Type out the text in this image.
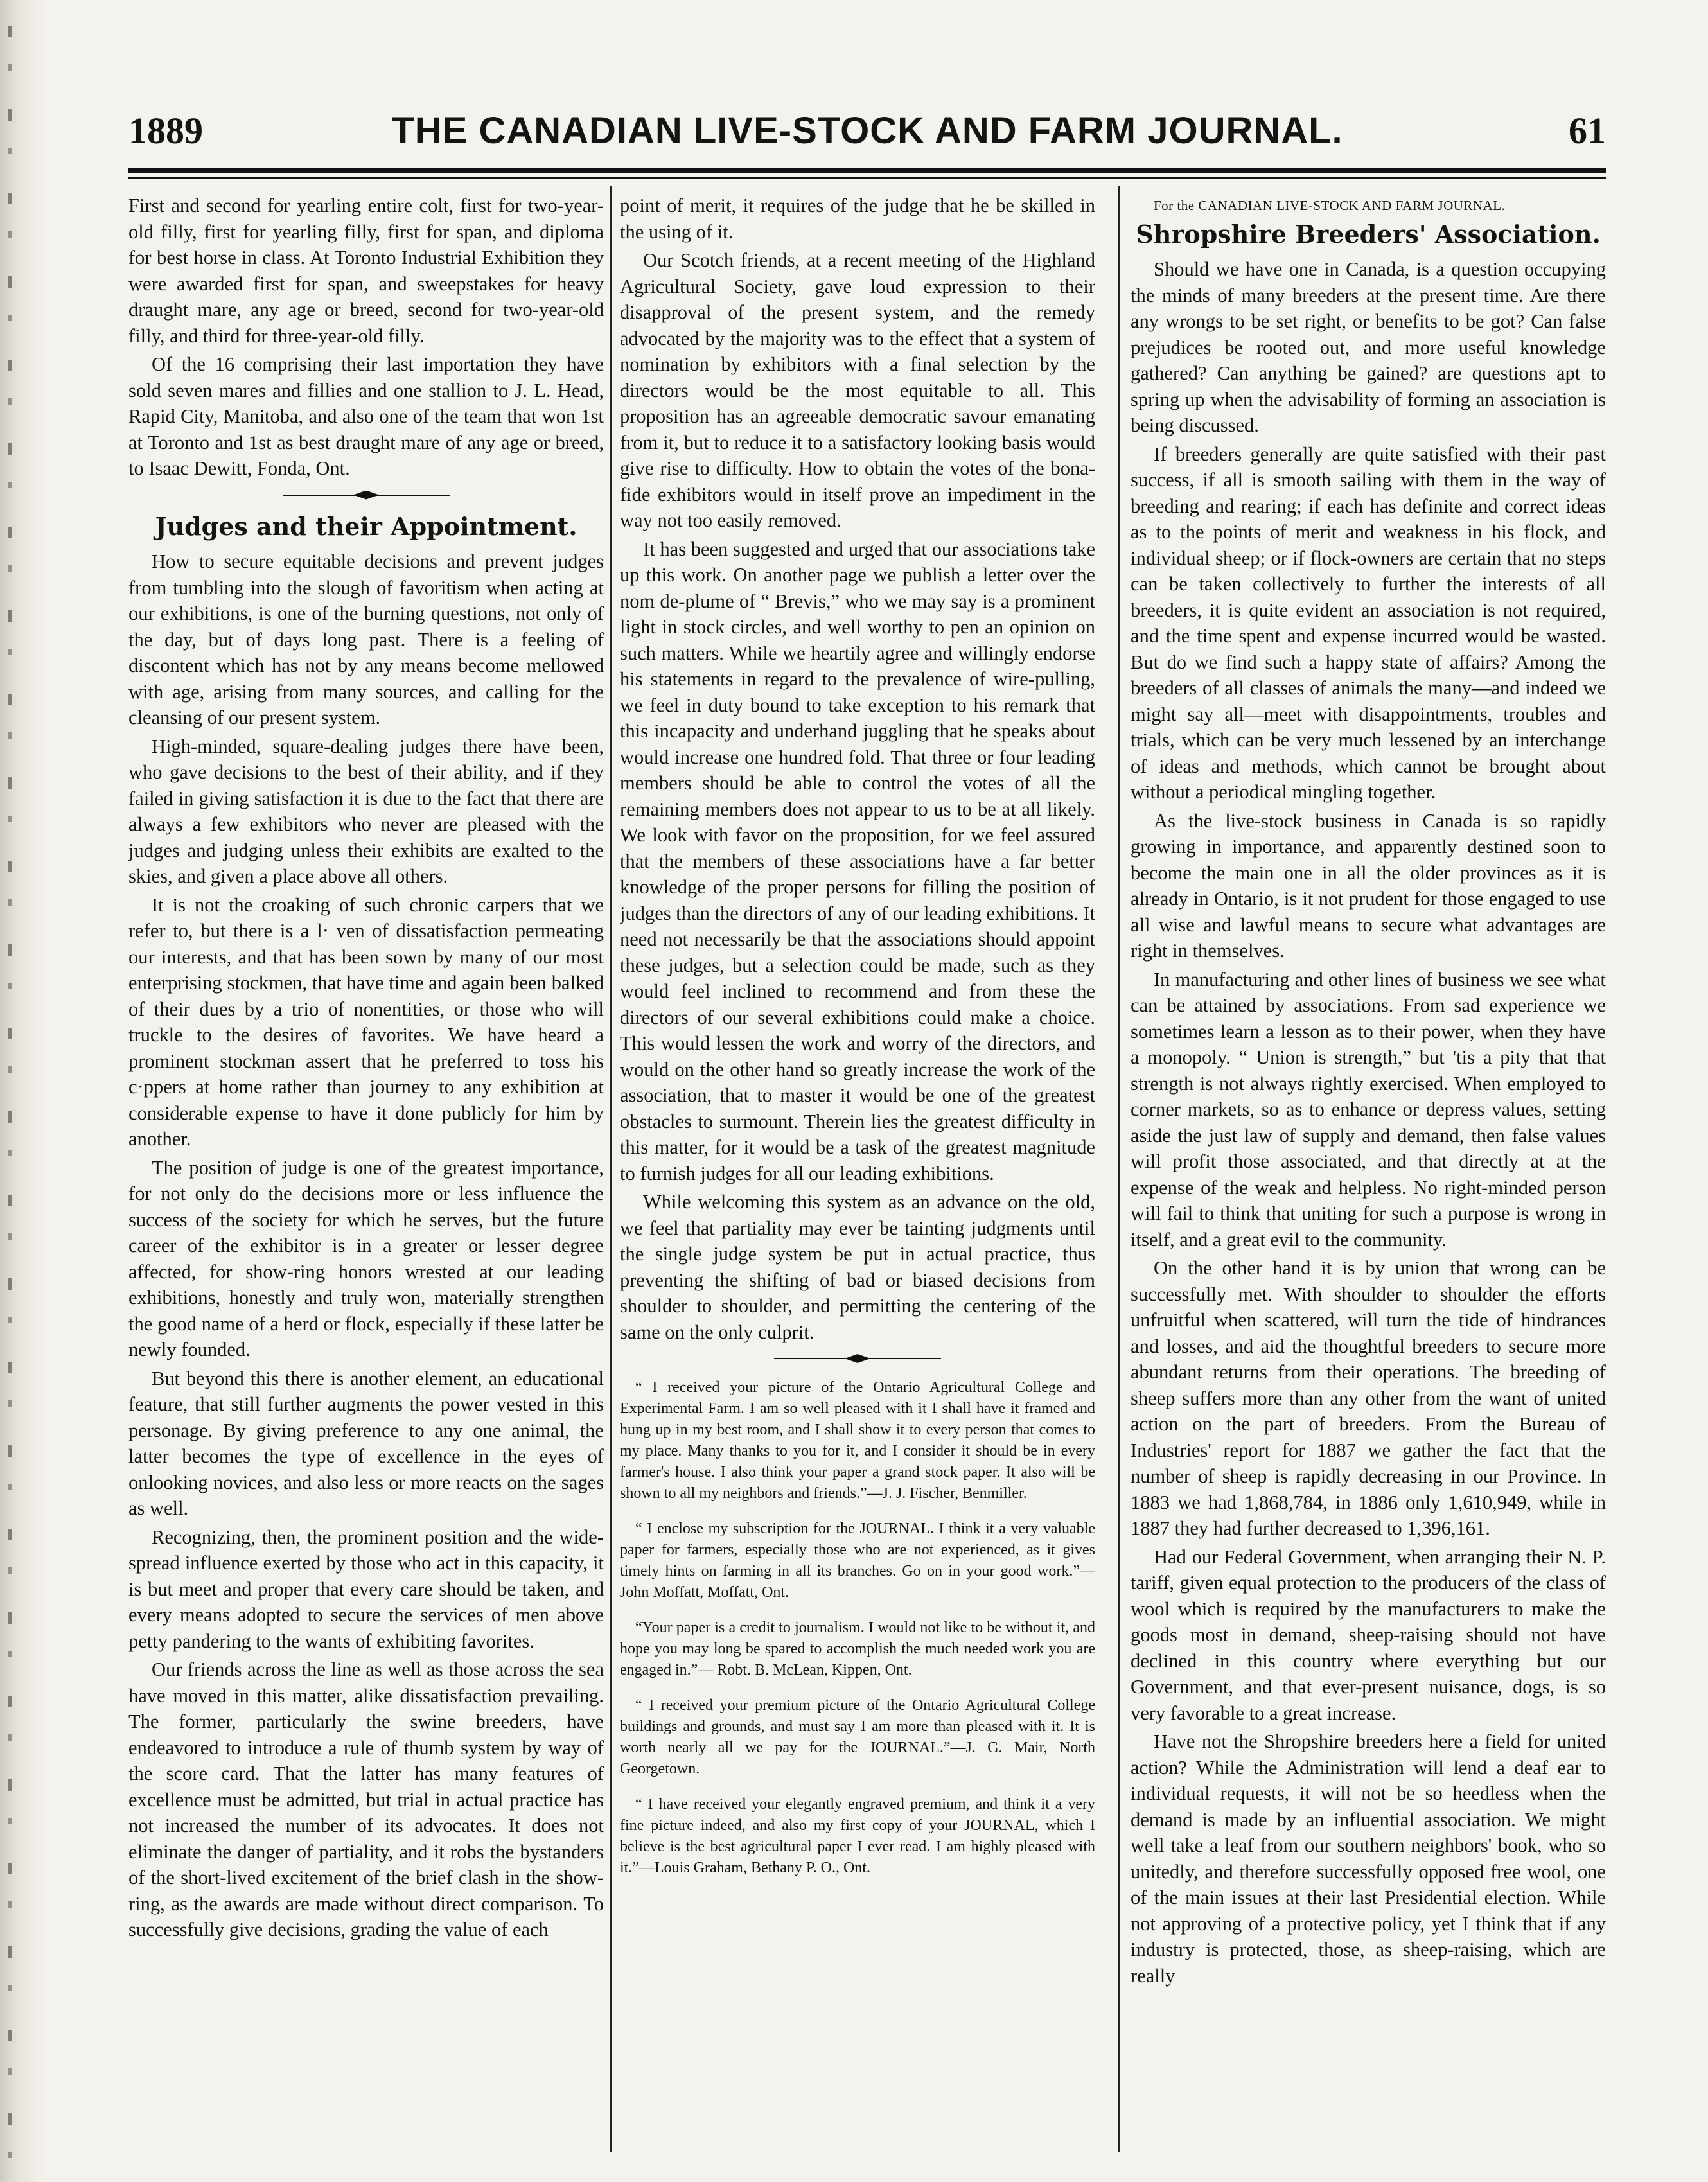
1889	THE CANADIAN LIVE-STOCK AND FARM JOURNAL.	61

First and second for yearling entire colt, first for two-year-old filly, first for yearling filly, first for span, and diploma for best horse in class. At Toronto Industrial Exhibition they were awarded first for span, and sweepstakes for heavy draught mare, any age or breed, second for two-year-old filly, and third for three-year-old filly.

Of the 16 comprising their last importation they have sold seven mares and fillies and one stallion to J. L. Head, Rapid City, Manitoba, and also one of the team that won 1st at Toronto and 1st as best draught mare of any age or breed, to Isaac Dewitt, Fonda, Ont.

Judges and their Appointment.

How to secure equitable decisions and prevent judges from tumbling into the slough of favoritism when acting at our exhibitions, is one of the burning questions, not only of the day, but of days long past. There is a feeling of discontent which has not by any means become mellowed with age, arising from many sources, and calling for the cleansing of our present system.

High-minded, square-dealing judges there have been, who gave decisions to the best of their ability, and if they failed in giving satisfaction it is due to the fact that there are always a few exhibitors who never are pleased with the judges and judging unless their exhibits are exalted to the skies, and given a place above all others.

It is not the croaking of such chronic carpers that we refer to, but there is a l· ven of dissatisfaction permeating our interests, and that has been sown by many of our most enterprising stockmen, that have time and again been balked of their dues by a trio of nonentities, or those who will truckle to the desires of favorites. We have heard a prominent stockman assert that he preferred to toss his c·ppers at home rather than journey to any exhibition at considerable expense to have it done publicly for him by another.

The position of judge is one of the greatest importance, for not only do the decisions more or less influence the success of the society for which he serves, but the future career of the exhibitor is in a greater or lesser degree affected, for show-ring honors wrested at our leading exhibitions, honestly and truly won, materially strengthen the good name of a herd or flock, especially if these latter be newly founded.

But beyond this there is another element, an educational feature, that still further augments the power vested in this personage. By giving preference to any one animal, the latter becomes the type of excellence in the eyes of onlooking novices, and also less or more reacts on the sages as well.

Recognizing, then, the prominent position and the wide-spread influence exerted by those who act in this capacity, it is but meet and proper that every care should be taken, and every means adopted to secure the services of men above petty pandering to the wants of exhibiting favorites.

Our friends across the line as well as those across the sea have moved in this matter, alike dissatisfaction prevailing. The former, particularly the swine breeders, have endeavored to introduce a rule of thumb system by way of the score card. That the latter has many features of excellence must be admitted, but trial in actual practice has not increased the number of its advocates. It does not eliminate the danger of partiality, and it robs the bystanders of the short-lived excitement of the brief clash in the show-ring, as the awards are made without direct comparison. To successfully give decisions, grading the value of each

point of merit, it requires of the judge that he be skilled in the using of it.

Our Scotch friends, at a recent meeting of the Highland Agricultural Society, gave loud expression to their disapproval of the present system, and the remedy advocated by the majority was to the effect that a system of nomination by exhibitors with a final selection by the directors would be the most equitable to all. This proposition has an agreeable democratic savour emanating from it, but to reduce it to a satisfactory looking basis would give rise to difficulty. How to obtain the votes of the bona-fide exhibitors would in itself prove an impediment in the way not too easily removed.

It has been suggested and urged that our associations take up this work. On another page we publish a letter over the nom de-plume of “ Brevis,” who we may say is a prominent light in stock circles, and well worthy to pen an opinion on such matters. While we heartily agree and willingly endorse his statements in regard to the prevalence of wire-pulling, we feel in duty bound to take exception to his remark that this incapacity and underhand juggling that he speaks about would increase one hundred fold. That three or four leading members should be able to control the votes of all the remaining members does not appear to us to be at all likely. We look with favor on the proposition, for we feel assured that the members of these associations have a far better knowledge of the proper persons for filling the position of judges than the directors of any of our leading exhibitions. It need not necessarily be that the associations should appoint these judges, but a selection could be made, such as they would feel inclined to recommend and from these the directors of our several exhibitions could make a choice. This would lessen the work and worry of the directors, and would on the other hand so greatly increase the work of the association, that to master it would be one of the greatest obstacles to surmount. Therein lies the greatest difficulty in this matter, for it would be a task of the greatest magnitude to furnish judges for all our leading exhibitions.

While welcoming this system as an advance on the old, we feel that partiality may ever be tainting judgments until the single judge system be put in actual practice, thus preventing the shifting of bad or biased decisions from shoulder to shoulder, and permitting the centering of the same on the only culprit.

“ I received your picture of the Ontario Agricultural College and Experimental Farm. I am so well pleased with it I shall have it framed and hung up in my best room, and I shall show it to every person that comes to my place. Many thanks to you for it, and I consider it should be in every farmer's house. I also think your paper a grand stock paper. It also will be shown to all my neighbors and friends.”—J. J. Fischer, Benmiller.

“ I enclose my subscription for the JOURNAL. I think it a very valuable paper for farmers, especially those who are not experienced, as it gives timely hints on farming in all its branches. Go on in your good work.”—John Moffatt, Moffatt, Ont.

“Your paper is a credit to journalism. I would not like to be without it, and hope you may long be spared to accomplish the much needed work you are engaged in.”— Robt. B. McLean, Kippen, Ont.

“ I received your premium picture of the Ontario Agricultural College buildings and grounds, and must say I am more than pleased with it. It is worth nearly all we pay for the JOURNAL.”—J. G. Mair, North Georgetown.

“ I have received your elegantly engraved premium, and think it a very fine picture indeed, and also my first copy of your JOURNAL, which I believe is the best agricultural paper I ever read. I am highly pleased with it.”—Louis Graham, Bethany P. O., Ont.

For the CANADIAN LIVE-STOCK AND FARM JOURNAL.

Shropshire Breeders' Association.

Should we have one in Canada, is a question occupying the minds of many breeders at the present time. Are there any wrongs to be set right, or benefits to be got? Can false prejudices be rooted out, and more useful knowledge gathered? Can anything be gained? are questions apt to spring up when the advisability of forming an association is being discussed.

If breeders generally are quite satisfied with their past success, if all is smooth sailing with them in the way of breeding and rearing; if each has definite and correct ideas as to the points of merit and weakness in his flock, and individual sheep; or if flock-owners are certain that no steps can be taken collectively to further the interests of all breeders, it is quite evident an association is not required, and the time spent and expense incurred would be wasted. But do we find such a happy state of affairs? Among the breeders of all classes of animals the many—and indeed we might say all—meet with disappointments, troubles and trials, which can be very much lessened by an interchange of ideas and methods, which cannot be brought about without a periodical mingling together.

As the live-stock business in Canada is so rapidly growing in importance, and apparently destined soon to become the main one in all the older provinces as it is already in Ontario, is it not prudent for those engaged to use all wise and lawful means to secure what advantages are right in themselves.

In manufacturing and other lines of business we see what can be attained by associations. From sad experience we sometimes learn a lesson as to their power, when they have a monopoly. “ Union is strength,” but 'tis a pity that that strength is not always rightly exercised. When employed to corner markets, so as to enhance or depress values, setting aside the just law of supply and demand, then false values will profit those associated, and that directly at at the expense of the weak and helpless. No right-minded person will fail to think that uniting for such a purpose is wrong in itself, and a great evil to the community.

On the other hand it is by union that wrong can be successfully met. With shoulder to shoulder the efforts unfruitful when scattered, will turn the tide of hindrances and losses, and aid the thoughtful breeders to secure more abundant returns from their operations. The breeding of sheep suffers more than any other from the want of united action on the part of breeders. From the Bureau of Industries' report for 1887 we gather the fact that the number of sheep is rapidly decreasing in our Province. In 1883 we had 1,868,784, in 1886 only 1,610,949, while in 1887 they had further decreased to 1,396,161.

Had our Federal Government, when arranging their N. P. tariff, given equal protection to the producers of the class of wool which is required by the manufacturers to make the goods most in demand, sheep-raising should not have declined in this country where everything but our Government, and that ever-present nuisance, dogs, is so very favorable to a great increase.

Have not the Shropshire breeders here a field for united action? While the Administration will lend a deaf ear to individual requests, it will not be so heedless when the demand is made by an influential association. We might well take a leaf from our southern neighbors' book, who so unitedly, and therefore successfully opposed free wool, one of the main issues at their last Presidential election. While not approving of a protective policy, yet I think that if any industry is protected, those, as sheep-raising, which are really
